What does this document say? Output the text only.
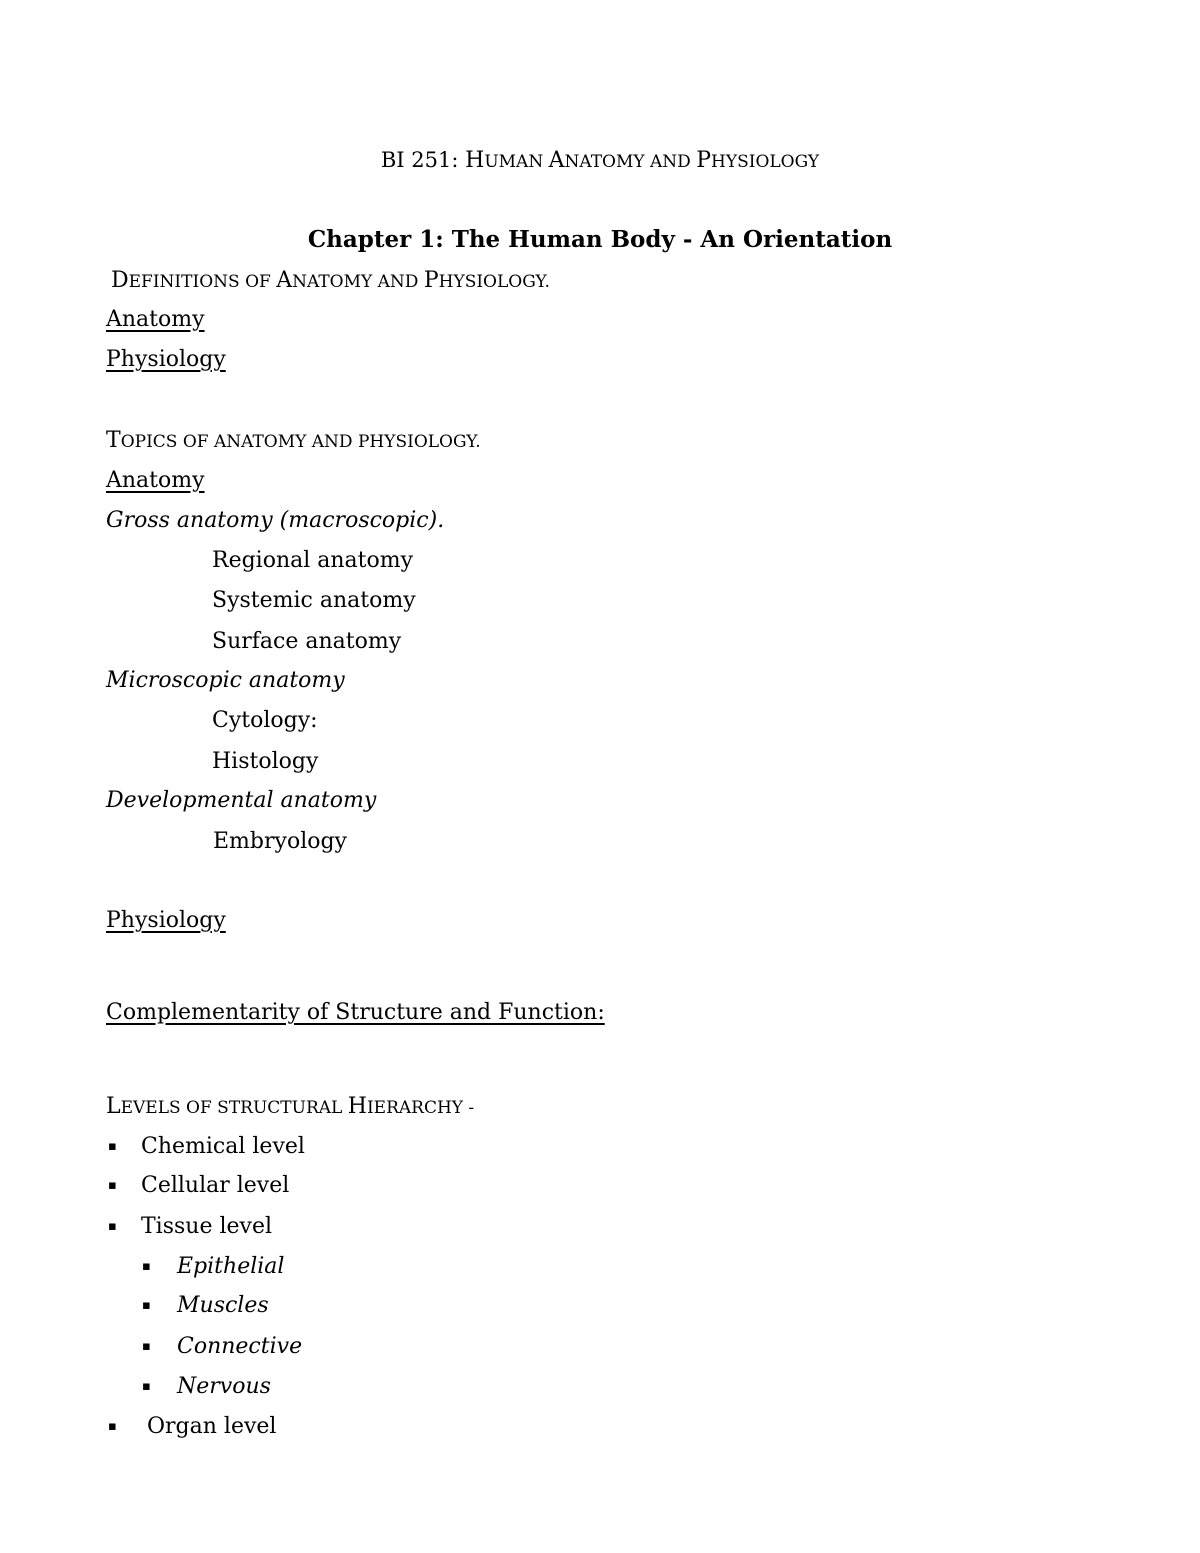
BI 251: HUMAN ANATOMY AND PHYSIOLOGY
Chapter 1: The Human Body - An Orientation
DEFINITIONS OF ANATOMY AND PHYSIOLOGY.
Anatomy
Physiology
TOPICS OF ANATOMY AND PHYSIOLOGY.
Anatomy
Gross anatomy (macroscopic).
Regional anatomy
Systemic anatomy
Surface anatomy
Microscopic anatomy
Cytology:
Histology
Developmental anatomy
Embryology
Physiology
Complementarity of Structure and Function:
LEVELS OF STRUCTURAL HIERARCHY -
▪ Chemical level
▪ Cellular level
▪ Tissue level
▪ Epithelial
▪ Muscles
▪ Connective
▪ Nervous
▪ Organ level
